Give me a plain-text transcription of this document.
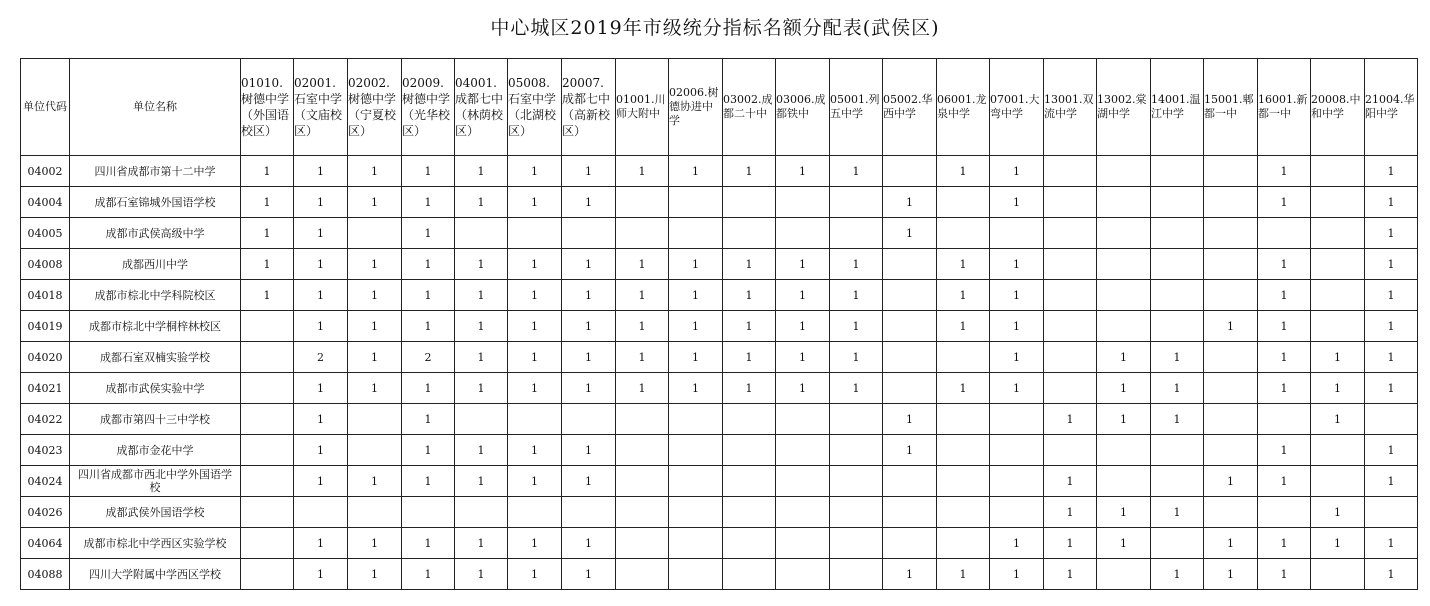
中心城区2019年市级统分指标名额分配表(武侯区)
单位代码	单位名称	01010.树德中学（外国语校区）	02001.石室中学（文庙校区）	02002.树德中学（宁夏校区）	02009.树德中学（光华校区）	04001.成都七中（林荫校区）	05008.石室中学（北湖校区）	20007.成都七中（高新校区）	01001.川师大附中	02006.树德协进中学	03002.成都二十中	03006.成都铁中	05001.列五中学	05002.华西中学	06001.龙泉中学	07001.大弯中学	13001.双流中学	13002.棠湖中学	14001.温江中学	15001.郫都一中	16001.新都一中	20008.中和中学	21004.华阳中学
04002	四川省成都市第十二中学	1	1	1	1	1	1	1	1	1	1	1	1		1	1					1		1
04004	成都石室锦城外国语学校	1	1	1	1	1	1	1						1		1					1		1
04005	成都市武侯高级中学	1	1		1									1									1
04008	成都西川中学	1	1	1	1	1	1	1	1	1	1	1	1		1	1					1		1
04018	成都市棕北中学科院校区	1	1	1	1	1	1	1	1	1	1	1	1		1	1					1		1
04019	成都市棕北中学桐梓林校区		1	1	1	1	1	1	1	1	1	1	1		1	1				1	1		1
04020	成都石室双楠实验学校		2	1	2	1	1	1	1	1	1	1	1			1		1	1		1	1	1
04021	成都市武侯实验中学		1	1	1	1	1	1	1	1	1	1	1		1	1		1	1		1	1	1
04022	成都市第四十三中学校		1		1									1			1	1	1			1	
04023	成都市金花中学		1		1	1	1	1						1							1		1
04024	四川省成都市西北中学外国语学校		1	1	1	1	1	1									1			1	1		1
04026	成都武侯外国语学校																1	1	1			1	
04064	成都市棕北中学西区实验学校		1	1	1	1	1	1								1	1	1		1	1	1	1
04088	四川大学附属中学西区学校		1	1	1	1	1	1						1	1	1	1		1	1	1		1
